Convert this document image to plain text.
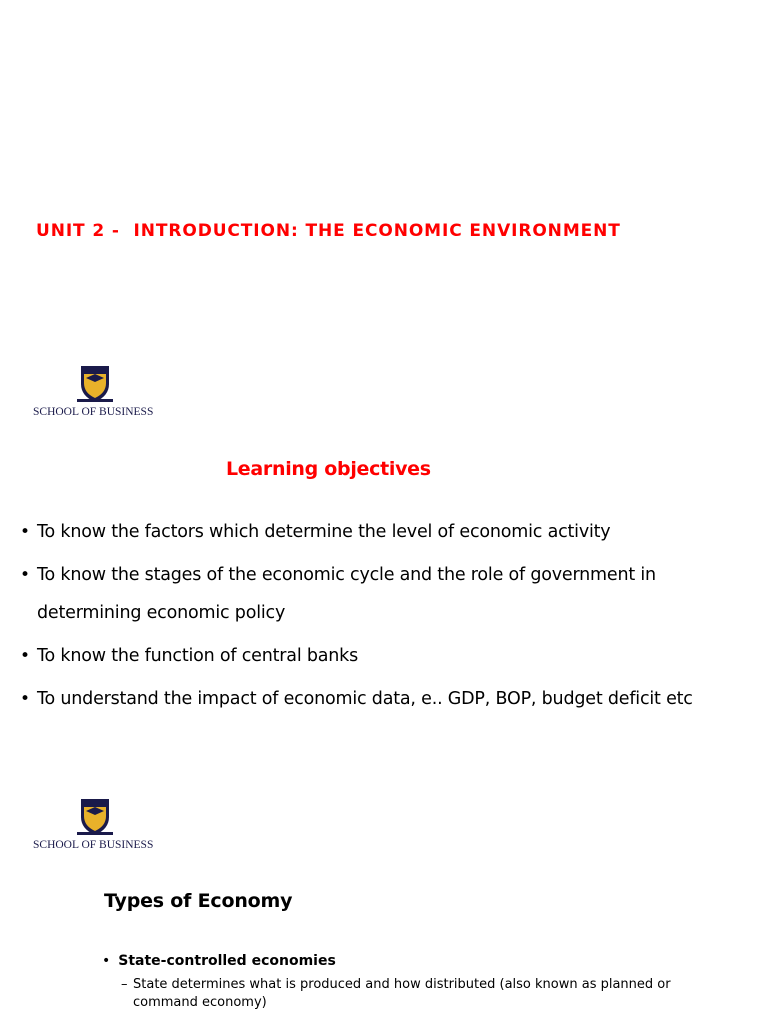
UNIT 2 -  INTRODUCTION: THE ECONOMIC ENVIRONMENT
SCHOOL OF BUSINESS
Learning objectives
• To know the factors which determine the level of economic activity
• To know the stages of the economic cycle and the role of government in determining economic policy
• To know the function of central banks
• To understand the impact of economic data, e.. GDP, BOP, budget deficit etc
SCHOOL OF BUSINESS
Types of Economy
• State-controlled economies
– State determines what is produced and how distributed (also known as planned or command economy)
